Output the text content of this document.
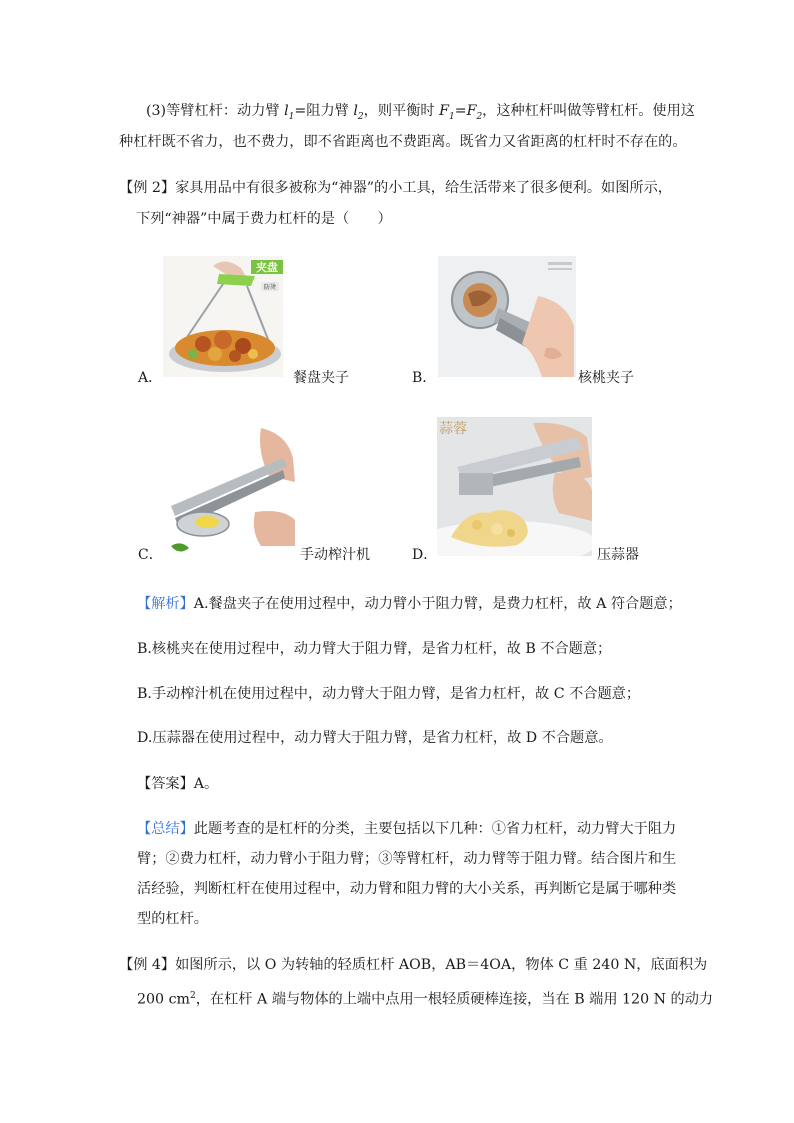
(3)等臂杠杆：动力臂 $l_1=$阻力臂 $l_2$，则平衡时 $F_1=F_2$，这种杠杆叫做等臂杠杆。使用这
种杠杆既不省力，也不费力，即不省距离也不费距离。既省力又省距离的杠杆时不存在的。
【例 2】家具用品中有很多被称为“神器”的小工具，给生活带来了很多便利。如图所示，
下列“神器”中属于费力杠杆的是（　　）
夹盘
防烫
A．	餐盘夹子	B．	核桃夹子
C．	手动榨汁机
蒜蓉
D．	压蒜器
【解析】A.餐盘夹子在使用过程中，动力臂小于阻力臂，是费力杠杆，故 A 符合题意；
B.核桃夹在使用过程中，动力臂大于阻力臂，是省力杠杆，故 B 不合题意；
B.手动榨汁机在使用过程中，动力臂大于阻力臂，是省力杠杆，故 C 不合题意；
D.压蒜器在使用过程中，动力臂大于阻力臂，是省力杠杆，故 D 不合题意。
【答案】A。
【总结】此题考查的是杠杆的分类，主要包括以下几种：①省力杠杆，动力臂大于阻力
臂；②费力杠杆，动力臂小于阻力臂；③等臂杠杆，动力臂等于阻力臂。结合图片和生
活经验，判断杠杆在使用过程中，动力臂和阻力臂的大小关系，再判断它是属于哪种类
型的杠杆。
【例 4】如图所示，以 O 为转轴的轻质杠杆 AOB，AB＝4OA，物体 C 重 240 N，底面积为
200 $cm^2$，在杠杆 A 端与物体的上端中点用一根轻质硬棒连接，当在 B 端用 120 N 的动力
